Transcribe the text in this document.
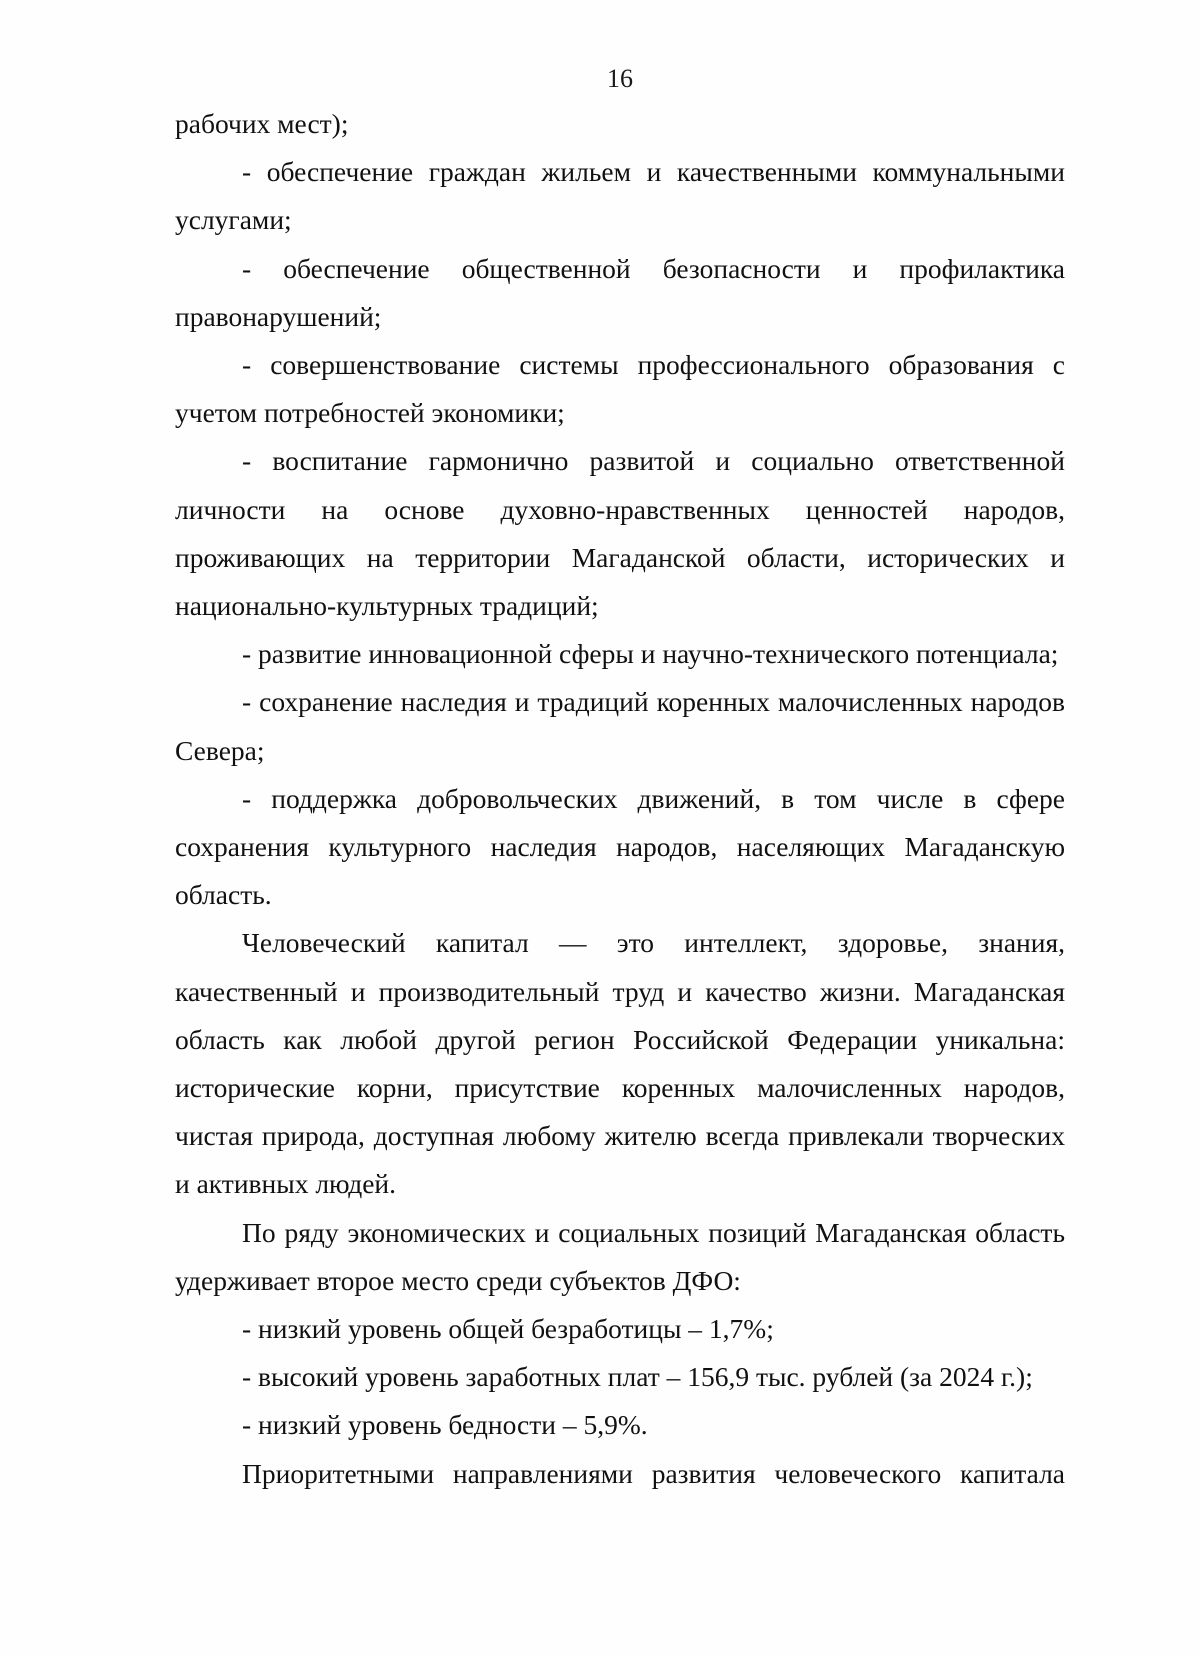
16

рабочих мест);

- обеспечение граждан жильем и качественными коммунальными услугами;

- обеспечение общественной безопасности и профилактика правонарушений;

- совершенствование системы профессионального образования с учетом потребностей экономики;

- воспитание гармонично развитой и социально ответственной личности на основе духовно-нравственных ценностей народов, проживающих на территории Магаданской области, исторических и национально-культурных традиций;

- развитие инновационной сферы и научно-технического потенциала;

- сохранение наследия и традиций коренных малочисленных народов Севера;

- поддержка добровольческих движений, в том числе в сфере сохранения культурного наследия народов, населяющих Магаданскую область.

Человеческий капитал — это интеллект, здоровье, знания, качественный и производительный труд и качество жизни. Магаданская область как любой другой регион Российской Федерации уникальна: исторические корни, присутствие коренных малочисленных народов, чистая природа, доступная любому жителю всегда привлекали творческих и активных людей.

По ряду экономических и социальных позиций Магаданская область удерживает второе место среди субъектов ДФО:

- низкий уровень общей безработицы – 1,7%;

- высокий уровень заработных плат – 156,9 тыс. рублей (за 2024 г.);

- низкий уровень бедности – 5,9%.

Приоритетными направлениями развития человеческого капитала
